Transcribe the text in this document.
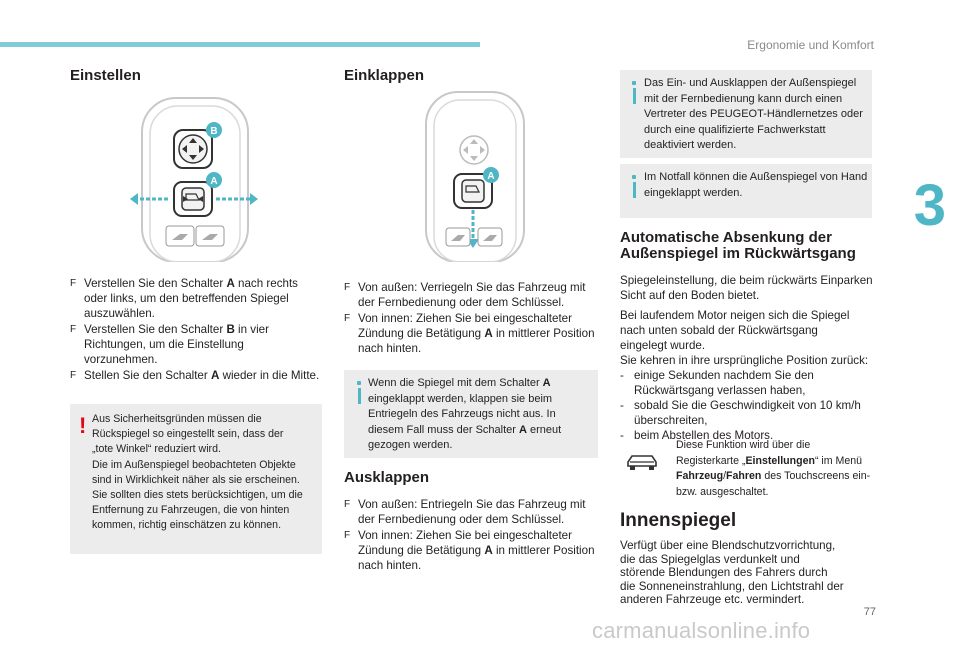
Ergonomie und Komfort
3
Einstellen
B
A

F Verstellen Sie den Schalter A nach rechts oder links, um den betreffenden Spiegel auszuwählen.

F Verstellen Sie den Schalter B in vier Richtungen, um die Einstellung vorzunehmen.

F Stellen Sie den Schalter A wieder in die Mitte.

! Aus Sicherheitsgründen müssen die

Rückspiegel so eingestellt sein, dass der

„tote Winkel“ reduziert wird.

Die im Außenspiegel beobachteten Objekte

sind in Wirklichkeit näher als sie erscheinen.

Sie sollten dies stets berücksichtigen, um die

Entfernung zu Fahrzeugen, die von hinten

kommen, richtig einschätzen zu können.

Einklappen
A

F Von außen: Verriegeln Sie das Fahrzeug mit der Fernbedienung oder dem Schlüssel.

F Von innen: Ziehen Sie bei eingeschalteter Zündung die Betätigung A in mittlerer Position nach hinten.

Wenn die Spiegel mit dem Schalter A eingeklappt werden, klappen sie beim Entriegeln des Fahrzeugs nicht aus. In diesem Fall muss der Schalter A erneut gezogen werden.
Ausklappen

F Von außen: Entriegeln Sie das Fahrzeug mit der Fernbedienung oder dem Schlüssel.

F Von innen: Ziehen Sie bei eingeschalteter Zündung die Betätigung A in mittlerer Position nach hinten.

Das Ein- und Ausklappen der Außenspiegel mit der Fernbedienung kann durch einen Vertreter des PEUGEOT-Händlernetzes oder durch eine qualifizierte Fachwerkstatt deaktiviert werden.
Im Notfall können die Außenspiegel von Hand eingeklappt werden.
Automatische Absenkung der Außenspiegel im Rückwärtsgang
Spiegeleinstellung, die beim rückwärts Einparken Sicht auf den Boden bietet.

Bei laufendem Motor neigen sich die Spiegel

nach unten sobald der Rückwärtsgang

eingelegt wurde.

Sie kehren in ihre ursprüngliche Position zurück:

- einige Sekunden nachdem Sie den Rückwärtsgang verlassen haben,

- sobald Sie die Geschwindigkeit von 10 km/h überschreiten,

- beim Abstellen des Motors.

Diese Funktion wird über die Registerkarte „Einstellungen“ im Menü Fahrzeug/Fahren des Touchscreens ein- bzw. ausgeschaltet.
Innenspiegel

Verfügt über eine Blendschutzvorrichtung,

die das Spiegelglas verdunkelt und

störende Blendungen des Fahrers durch

die Sonneneinstrahlung, den Lichtstrahl der

anderen Fahrzeuge etc. vermindert.

77
carmanualsonline.info
